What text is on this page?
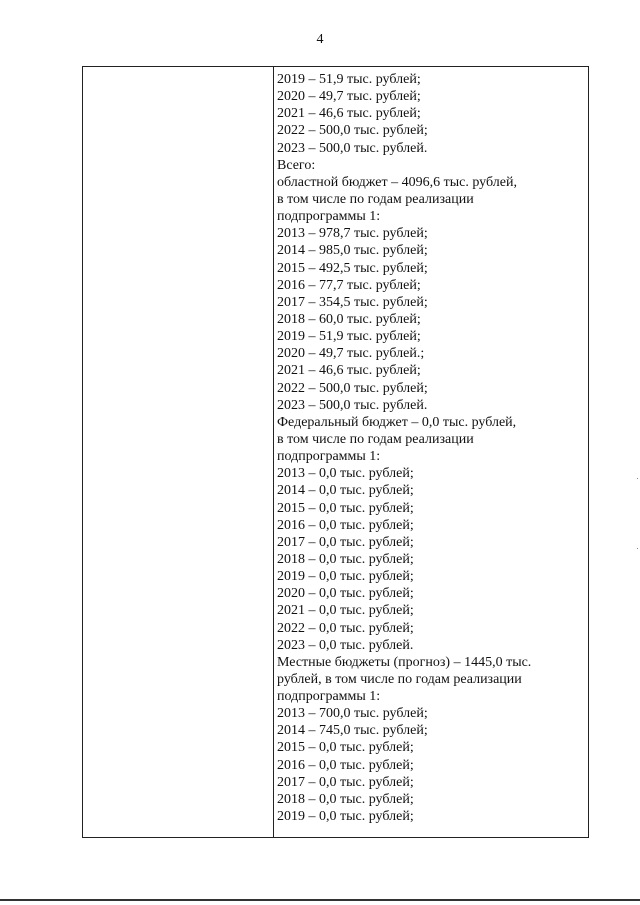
4
2019 – 51,9 тыс. рублей;
2020 – 49,7 тыс. рублей;
2021 – 46,6 тыс. рублей;
2022 – 500,0 тыс. рублей;
2023 – 500,0 тыс. рублей.
Всего:
областной бюджет – 4096,6 тыс. рублей,
в том числе по годам реализации
подпрограммы 1:
2013 – 978,7 тыс. рублей;
2014 – 985,0 тыс. рублей;
2015 – 492,5 тыс. рублей;
2016 – 77,7 тыс. рублей;
2017 – 354,5 тыс. рублей;
2018 – 60,0 тыс. рублей;
2019 – 51,9 тыс. рублей;
2020 – 49,7 тыс. рублей.;
2021 – 46,6 тыс. рублей;
2022 – 500,0 тыс. рублей;
2023 – 500,0 тыс. рублей.
Федеральный бюджет – 0,0 тыс. рублей,
в том числе по годам реализации
подпрограммы 1:
2013 – 0,0 тыс. рублей;
2014 – 0,0 тыс. рублей;
2015 – 0,0 тыс. рублей;
2016 – 0,0 тыс. рублей;
2017 – 0,0 тыс. рублей;
2018 – 0,0 тыс. рублей;
2019 – 0,0 тыс. рублей;
2020 – 0,0 тыс. рублей;
2021 – 0,0 тыс. рублей;
2022 – 0,0 тыс. рублей;
2023 – 0,0 тыс. рублей.
Местные бюджеты (прогноз) – 1445,0 тыс.
рублей, в том числе по годам реализации
подпрограммы 1:
2013 – 700,0 тыс. рублей;
2014 – 745,0 тыс. рублей;
2015 – 0,0 тыс. рублей;
2016 – 0,0 тыс. рублей;
2017 – 0,0 тыс. рублей;
2018 – 0,0 тыс. рублей;
2019 – 0,0 тыс. рублей;
